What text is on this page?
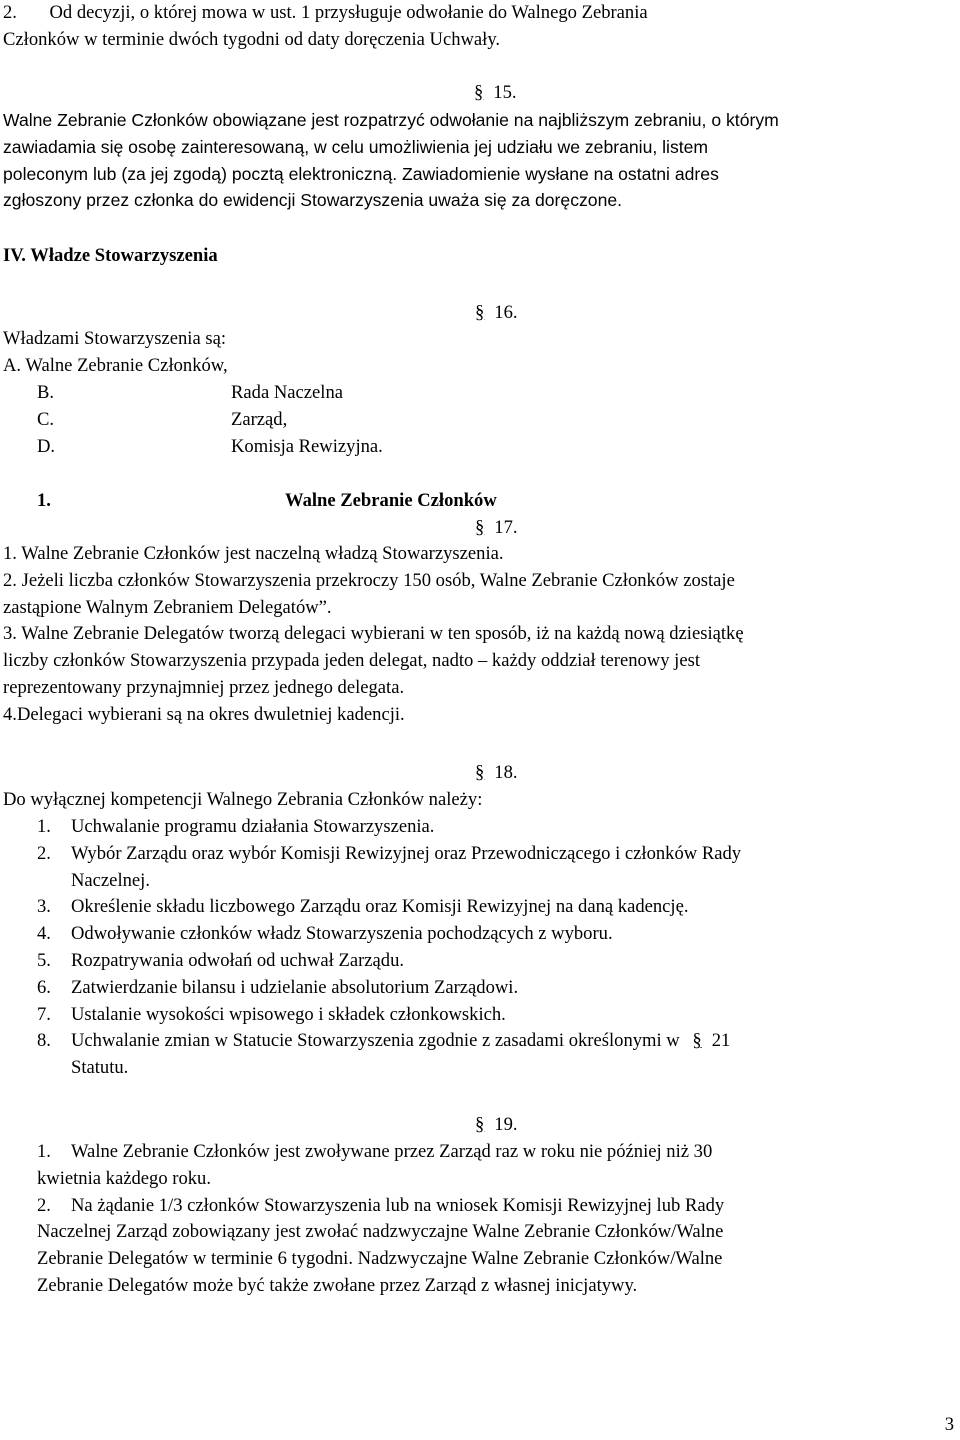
2.       Od decyzji, o której mowa w ust. 1 przysługuje odwołanie do Walnego Zebrania
Członków w terminie dwóch tygodni od daty doręczenia Uchwały.
§15.
Walne Zebranie Członków obowiązane jest rozpatrzyć odwołanie na najbliższym zebraniu, o którym
zawiadamia się osobę zainteresowaną, w celu umożliwienia jej udziału we zebraniu, listem
poleconym lub (za jej zgodą) pocztą elektroniczną. Zawiadomienie wysłane na ostatni adres
zgłoszony przez członka do ewidencji Stowarzyszenia uważa się za doręczone.
IV. Władze Stowarzyszenia
§16.
Władzami Stowarzyszenia są:
A. Walne Zebranie Członków,
B.	Rada Naczelna
C.	Zarząd,
D.	Komisja Rewizyjna.
1.	Walne Zebranie Członków
§17.
1. Walne Zebranie Członków jest naczelną władzą Stowarzyszenia.
2. Jeżeli liczba członków Stowarzyszenia przekroczy 150 osób, Walne Zebranie Członków zostaje
zastąpione Walnym Zebraniem Delegatów”.
3. Walne Zebranie Delegatów tworzą delegaci wybierani w ten sposób, iż na każdą nową dziesiątkę
liczby członków Stowarzyszenia przypada jeden delegat, nadto – każdy oddział terenowy jest
reprezentowany przynajmniej przez jednego delegata.
4.Delegaci wybierani są na okres dwuletniej kadencji.
§18.
Do wyłącznej kompetencji Walnego Zebrania Członków należy:
1. Uchwalanie programu działania Stowarzyszenia.
2. Wybór Zarządu oraz wybór Komisji Rewizyjnej oraz Przewodniczącego i członków Rady
Naczelnej.
3. Określenie składu liczbowego Zarządu oraz Komisji Rewizyjnej na daną kadencję.
4. Odwoływanie członków władz Stowarzyszenia pochodzących z wyboru.
5. Rozpatrywania odwołań od uchwał Zarządu.
6. Zatwierdzanie bilansu i udzielanie absolutorium Zarządowi.
7. Ustalanie wysokości wpisowego i składek członkowskich.
8. Uchwalanie zmian w Statucie Stowarzyszenia zgodnie z zasadami określonymi w § 21
Statutu.
§19.
1. Walne Zebranie Członków jest zwoływane przez Zarząd raz w roku nie później niż 30
kwietnia każdego roku.
2. Na żądanie 1/3 członków Stowarzyszenia lub na wniosek Komisji Rewizyjnej lub Rady
Naczelnej Zarząd zobowiązany jest zwołać nadzwyczajne Walne Zebranie Członków/Walne
Zebranie Delegatów w terminie 6 tygodni. Nadzwyczajne Walne Zebranie Członków/Walne
Zebranie Delegatów może być także zwołane przez Zarząd z własnej inicjatywy.
3
